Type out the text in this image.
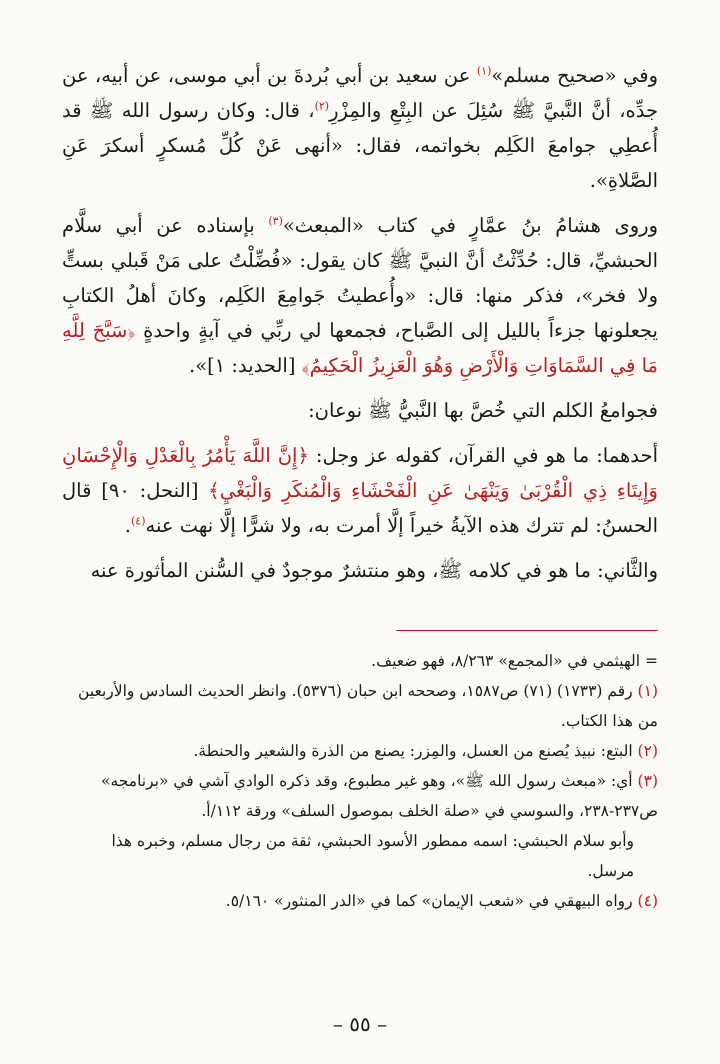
وفي «صحيح مسلم»$^{(١)}$ عن سعيد بن أبي بُردةَ بن أبي موسى، عن أبيه، عن جدِّه، أنَّ النَّبيَّ ﷺ سُئِلَ عن البِتْعِ والمِزْرِ$^{(٢)}$، قال: وكان رسول الله ﷺ قد أُعطِي جوامعَ الكَلِم بخواتمه، فقال: «أنهى عَنْ كُلِّ مُسكرٍ أسكرَ عَنِ الصَّلاةِ».

وروى هشامُ بنُ عمَّارٍ في كتاب «المبعث»$^{(٣)}$ بإسناده عن أبي سلَّام الحبشيِّ، قال: حُدِّثْتُ أنَّ النبيَّ ﷺ كان يقول: «فُضِّلْتُ على مَنْ قَبلي بستٍّ ولا فخر»، فذكر منها: قال: «وأُعطيتُ جَوامِعَ الكَلِم، وكانَ أهلُ الكتابِ يجعلونها جزءاً بالليل إلى الصَّباح، فجمعها لي ربِّي في آيةٍ واحدةٍ ﴿سَبَّحَ لِلَّهِ مَا فِي السَّمَاوَاتِ وَالْأَرْضِ وَهُوَ الْعَزِيزُ الْحَكِيمُ﴾ [الحديد: ١]».

فجوامعُ الكلم التي خُصَّ بها النَّبيُّ ﷺ نوعان:

أحدهما: ما هو في القرآن، كقوله عز وجل: ﴿إِنَّ اللَّهَ يَأْمُرُ بِالْعَدْلِ وَالْإِحْسَانِ وَإِيتَاءِ ذِي الْقُرْبَىٰ وَيَنْهَىٰ عَنِ الْفَحْشَاءِ وَالْمُنكَرِ وَالْبَغْيِ﴾ [النحل: ٩٠] قال الحسنُ: لم تترك هذه الآيةُ خيراً إلَّا أمرت به، ولا شرًّا إلَّا نهت عنه$^{(٤)}$.

والثَّاني: ما هو في كلامه ﷺ، وهو منتشرٌ موجودٌ في السُّنن المأثورة عنه

= الهيثمي في «المجمع» ٨/٢٦٣، فهو ضعيف.

(١) رقم (١٧٣٣) (٧١) ص١٥٨٧، وصححه ابن حبان (٥٣٧٦). وانظر الحديث السادس والأربعين من هذا الكتاب.

(٢) البتع: نبيذ يُصنع من العسل، والمِزر: يصنع من الذرة والشعير والحنطة.

(٣) أي: «مبعث رسول الله ﷺ»، وهو غير مطبوع، وقد ذكره الوادي آشي في «برنامجه» ص٢٣٧-٢٣٨، والسوسي في «صلة الخلف بموصول السلف» ورقة ١١٢/أ.

وأبو سلام الحبشي: اسمه ممطور الأسود الحبشي، ثقة من رجال مسلم، وخبره هذا مرسل.

(٤) رواه البيهقي في «شعب الإيمان» كما في «الدر المنثور» ٥/١٦٠.

– ٥٥ –
